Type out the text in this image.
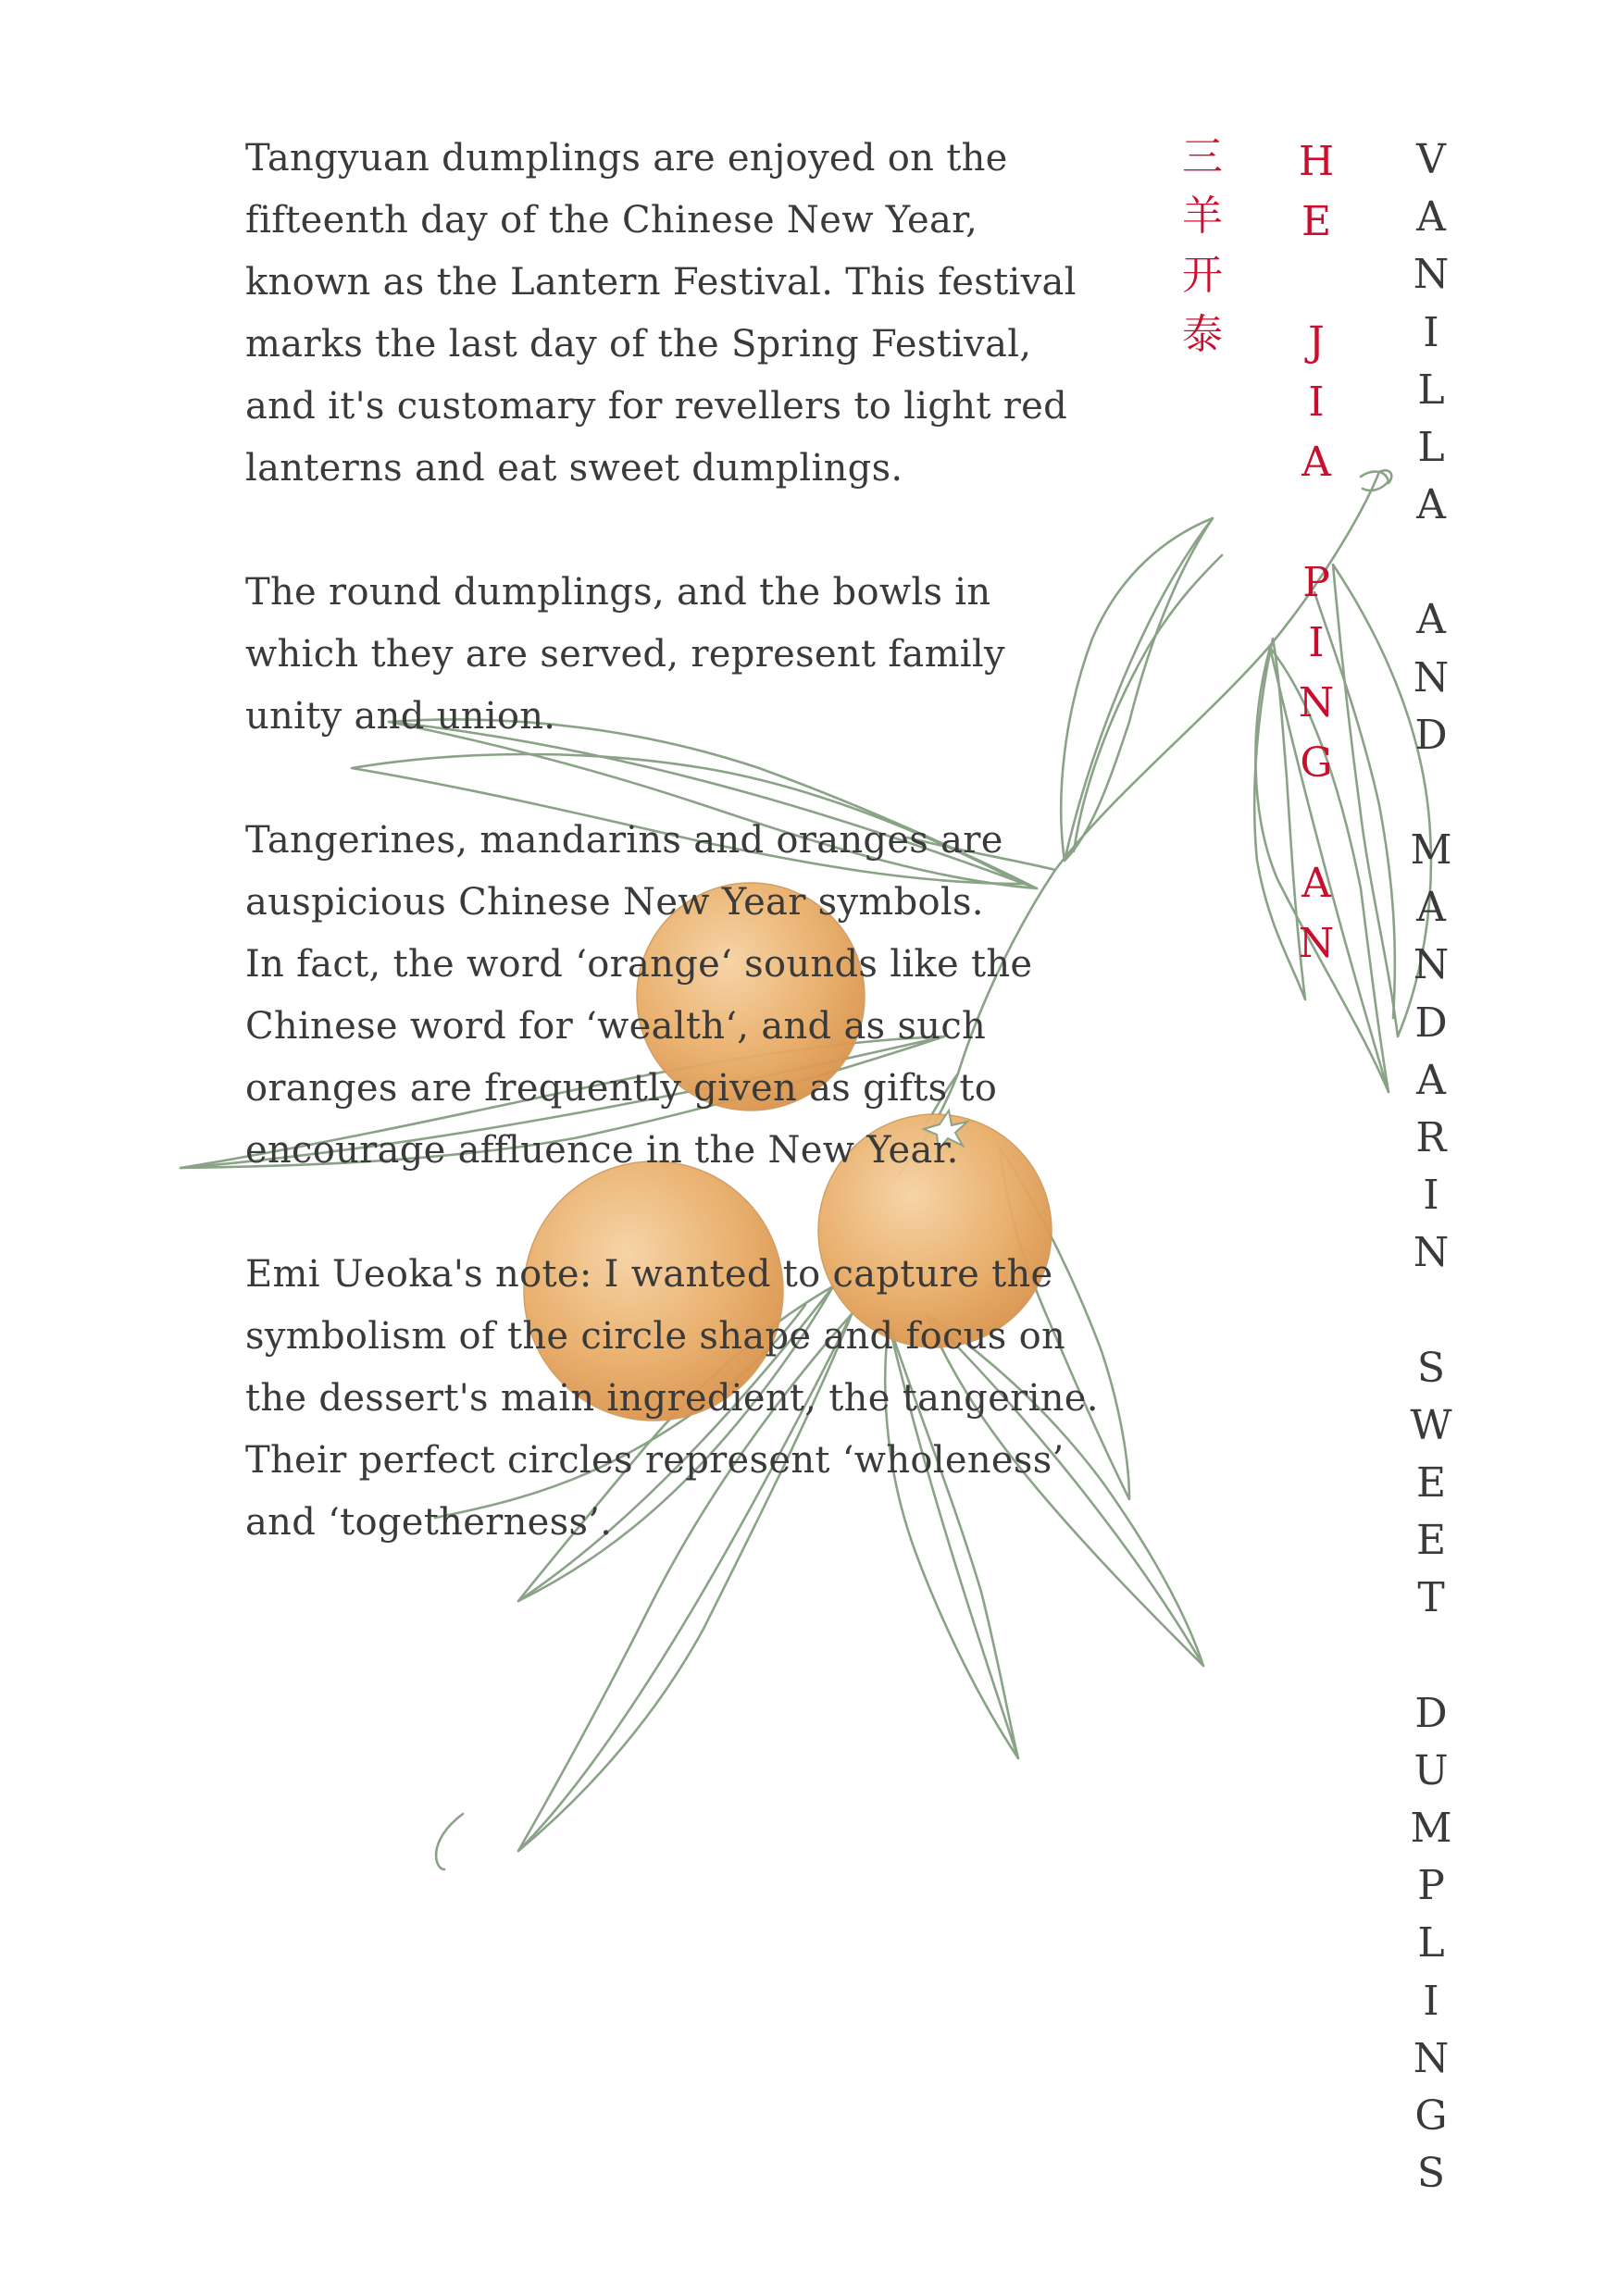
Tangyuan dumplings are enjoyed on the
fifteenth day of the Chinese New Year,
known as the Lantern Festival. This festival
marks the last day of the Spring Festival,
and it's customary for revellers to light red
lanterns and eat sweet dumplings.

The round dumplings, and the bowls in
which they are served, represent family
unity and union.

Tangerines, mandarins and oranges are
auspicious Chinese New Year symbols.
In fact, the word ‘orange‘ sounds like the
Chinese word for ‘wealth‘, and as such
oranges are frequently given as gifts to
encourage affluence in the New Year.

Emi Ueoka's note: I wanted to capture the
symbolism of the circle shape and focus on
the dessert's main ingredient, the tangerine.
Their perfect circles represent ‘wholeness’
and ‘togetherness’.

三
羊
开
泰
H
E
J
I
A
P
I
N
G
A
N
V
A
N
I
L
L
A
A
N
D
M
A
N
D
A
R
I
N
S
W
E
E
T
D
U
M
P
L
I
N
G
S
